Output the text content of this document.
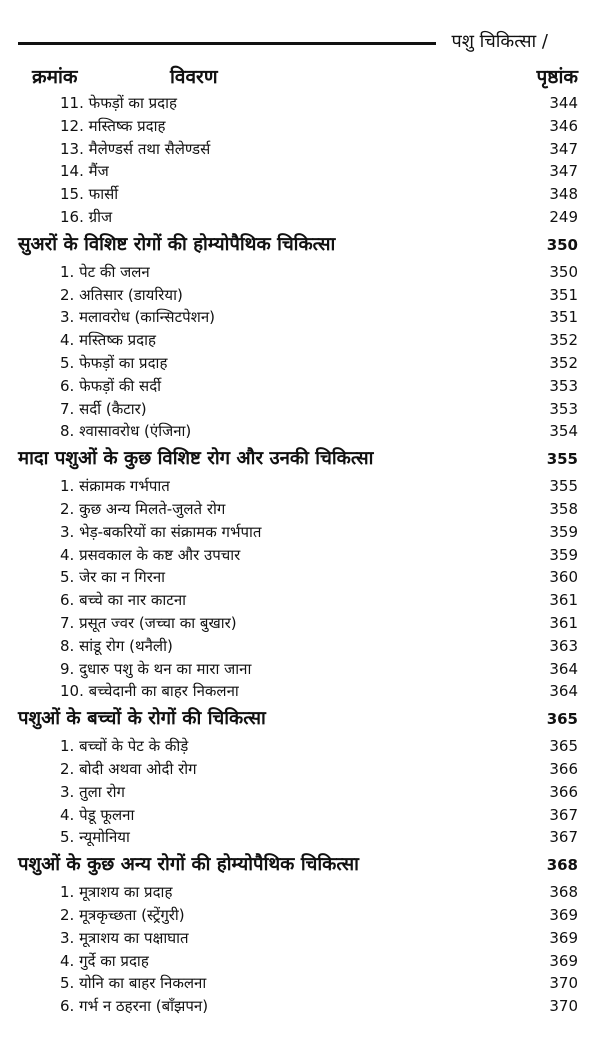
पशु चिकित्सा /
क्रमांक	विवरण	पृष्ठांक
11. फेफड़ों का प्रदाह	344
12. मस्तिष्क प्रदाह	346
13. मैलेण्डर्स तथा सैलेण्डर्स	347
14. मैंज	347
15. फार्सी	348
16. ग्रीज	249
सुअरों के विशिष्ट रोगों की होम्योपैथिक चिकित्सा	350
1. पेट की जलन	350
2. अतिसार (डायरिया)	351
3. मलावरोध (कान्सिटपेशन)	351
4. मस्तिष्क प्रदाह	352
5. फेफड़ों का प्रदाह	352
6. फेफड़ों की सर्दी	353
7. सर्दी (कैटार)	353
8. श्वासावरोध (एंजिना)	354
मादा पशुओं के कुछ विशिष्ट रोग और उनकी चिकित्सा	355
1. संक्रामक गर्भपात	355
2. कुछ अन्य मिलते-जुलते रोग	358
3. भेड़-बकरियों का संक्रामक गर्भपात	359
4. प्रसवकाल के कष्ट और उपचार	359
5. जेर का न गिरना	360
6. बच्चे का नार काटना	361
7. प्रसूत ज्वर (जच्चा का बुखार)	361
8. सांडू रोग (थनैली)	363
9. दुधारु पशु के थन का मारा जाना	364
10. बच्चेदानी का बाहर निकलना	364
पशुओं के बच्चों के रोगों की चिकित्सा	365
1. बच्चों के पेट के कीड़े	365
2. बोदी अथवा ओदी रोग	366
3. तुला रोग	366
4. पेडू फूलना	367
5. न्यूमोनिया	367
पशुओं के कुछ अन्य रोगों की होम्योपैथिक चिकित्सा	368
1. मूत्राशय का प्रदाह	368
2. मूत्रकृच्छता (स्ट्रेंगुरी)	369
3. मूत्राशय का पक्षाघात	369
4. गुर्दे का प्रदाह	369
5. योनि का बाहर निकलना	370
6. गर्भ न ठहरना (बाँझपन)	370
